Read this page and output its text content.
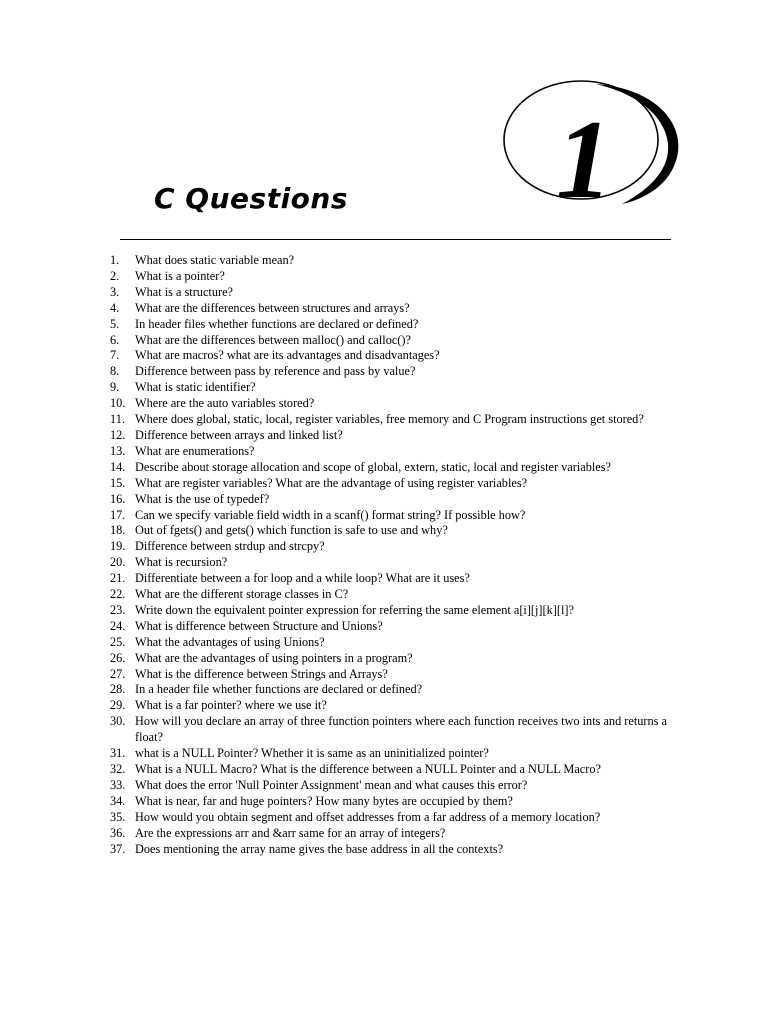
1
C Questions
1. What does static variable mean?
2. What is a pointer?
3. What is a structure?
4. What are the differences between structures and arrays?
5. In header files whether functions are declared or defined?
6. What are the differences between malloc() and calloc()?
7. What are macros? what are its advantages and disadvantages?
8. Difference between pass by reference and pass by value?
9. What is static identifier?
10. Where are the auto variables stored?
11. Where does global, static, local, register variables, free memory and C Program instructions get stored?
12. Difference between arrays and linked list?
13. What are enumerations?
14. Describe about storage allocation and scope of global, extern, static, local and register variables?
15. What are register variables? What are the advantage of using register variables?
16. What is the use of typedef?
17. Can we specify variable field width in a scanf() format string? If possible how?
18. Out of fgets() and gets() which function is safe to use and why?
19. Difference between strdup and strcpy?
20. What is recursion?
21. Differentiate between a for loop and a while loop? What are it uses?
22. What are the different storage classes in C?
23. Write down the equivalent pointer expression for referring the same element a[i][j][k][l]?
24. What is difference between Structure and Unions?
25. What the advantages of using Unions?
26. What are the advantages of using pointers in a program?
27. What is the difference between Strings and Arrays?
28. In a header file whether functions are declared or defined?
29. What is a far pointer? where we use it?
30. How will you declare an array of three function pointers where each function receives two ints and returns a float?
31. what is a NULL Pointer? Whether it is same as an uninitialized pointer?
32. What is a NULL Macro? What is the difference between a NULL Pointer and a NULL Macro?
33. What does the error 'Null Pointer Assignment' mean and what causes this error?
34. What is near, far and huge pointers? How many bytes are occupied by them?
35. How would you obtain segment and offset addresses from a far address of a memory location?
36. Are the expressions arr and &arr same for an array of integers?
37. Does mentioning the array name gives the base address in all the contexts?
